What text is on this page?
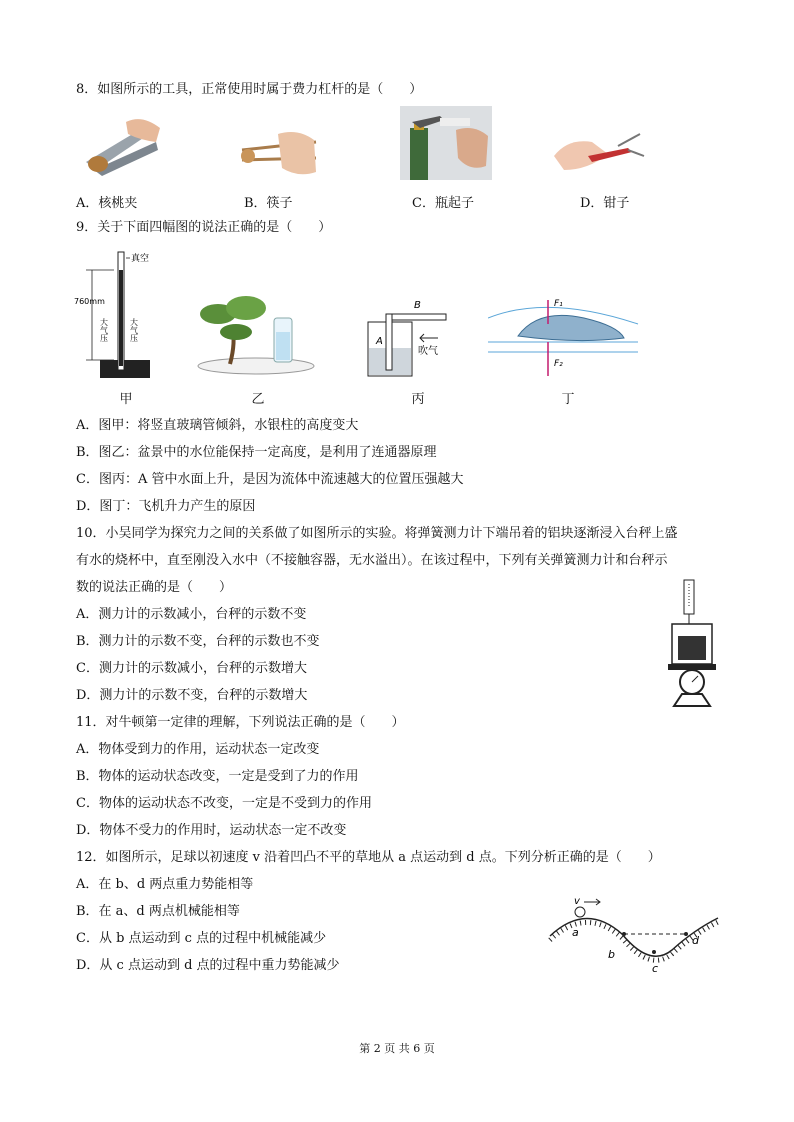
8．如图所示的工具，正常使用时属于费力杠杆的是（　　）
A．核桃夹	B．筷子	C．瓶起子	D．钳子
9．关于下面四幅图的说法正确的是（　　）
真空
760mm
大气压	大气压
B
A
吹气
F₁
F₂
甲	乙	丙	丁
A．图甲：将竖直玻璃管倾斜，水银柱的高度变大
B．图乙：盆景中的水位能保持一定高度，是利用了连通器原理
C．图丙：A 管中水面上升，是因为流体中流速越大的位置压强越大
D．图丁：飞机升力产生的原因
10．小吴同学为探究力之间的关系做了如图所示的实验。将弹簧测力计下端吊着的铝块逐渐浸入台秤上盛
有水的烧杯中，直至刚没入水中（不接触容器，无水溢出）。在该过程中，下列有关弹簧测力计和台秤示
数的说法正确的是（　　）
A．测力计的示数减小，台秤的示数不变
B．测力计的示数不变，台秤的示数也不变
C．测力计的示数减小，台秤的示数增大
D．测力计的示数不变，台秤的示数增大
11．对牛顿第一定律的理解，下列说法正确的是（　　）
A．物体受到力的作用，运动状态一定改变
B．物体的运动状态改变，一定是受到了力的作用
C．物体的运动状态不改变，一定是不受到力的作用
D．物体不受力的作用时，运动状态一定不改变
12．如图所示，足球以初速度 v 沿着凹凸不平的草地从 a 点运动到 d 点。下列分析正确的是（　　）
A．在 b、d 两点重力势能相等
B．在 a、d 两点机械能相等
C．从 b 点运动到 c 点的过程中机械能减少
D．从 c 点运动到 d 点的过程中重力势能减少
v
a
b
c
d
第 2 页 共 6 页
